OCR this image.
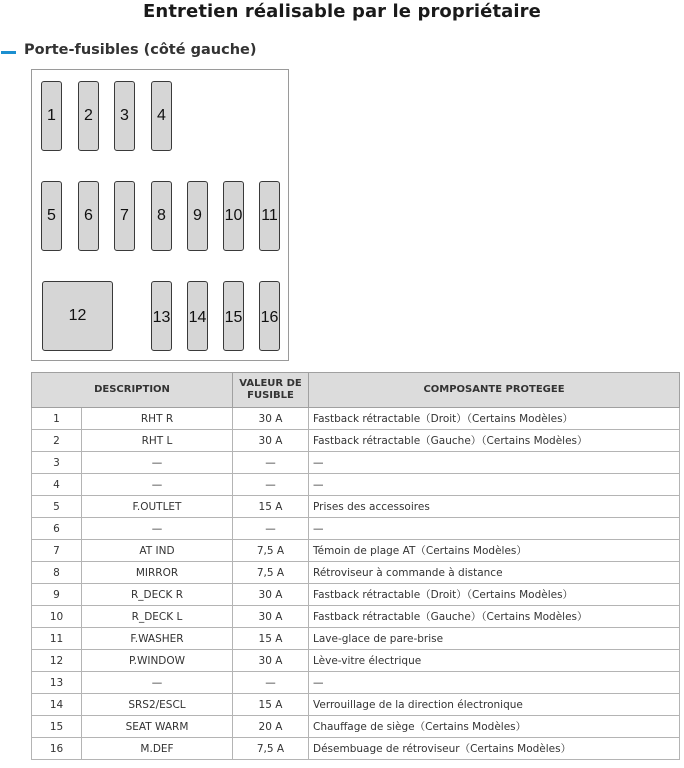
Entretien réalisable par le propriétaire
Porte-fusibles (côté gauche)
1	2	3	4
5	6	7	8	9	10 11
12	13 14 15 16
DESCRIPTION		VALEUR DE
FUSIBLE	COMPOSANTE PROTEGEE
1	RHT R	30 A	Fastback rétractable（Droit）（Certains Modèles）
2	RHT L	30 A	Fastback rétractable（Gauche）（Certains Modèles）
3	—	—	—
4	—	—	—
5	F.OUTLET	15 A	Prises des accessoires
6	—	—	—
7	AT IND	7,5 A	Témoin de plage AT（Certains Modèles）
8	MIRROR	7,5 A	Rétroviseur à commande à distance
9	R_DECK R	30 A	Fastback rétractable（Droit）（Certains Modèles）
10	R_DECK L	30 A	Fastback rétractable（Gauche）（Certains Modèles）
11	F.WASHER	15 A	Lave-glace de pare-brise
12	P.WINDOW	30 A	Lève-vitre électrique
13	—	—	—
14	SRS2/ESCL	15 A	Verrouillage de la direction électronique
15	SEAT WARM	20 A	Chauffage de siège（Certains Modèles）
16	M.DEF	7,5 A	Désembuage de rétroviseur（Certains Modèles）
